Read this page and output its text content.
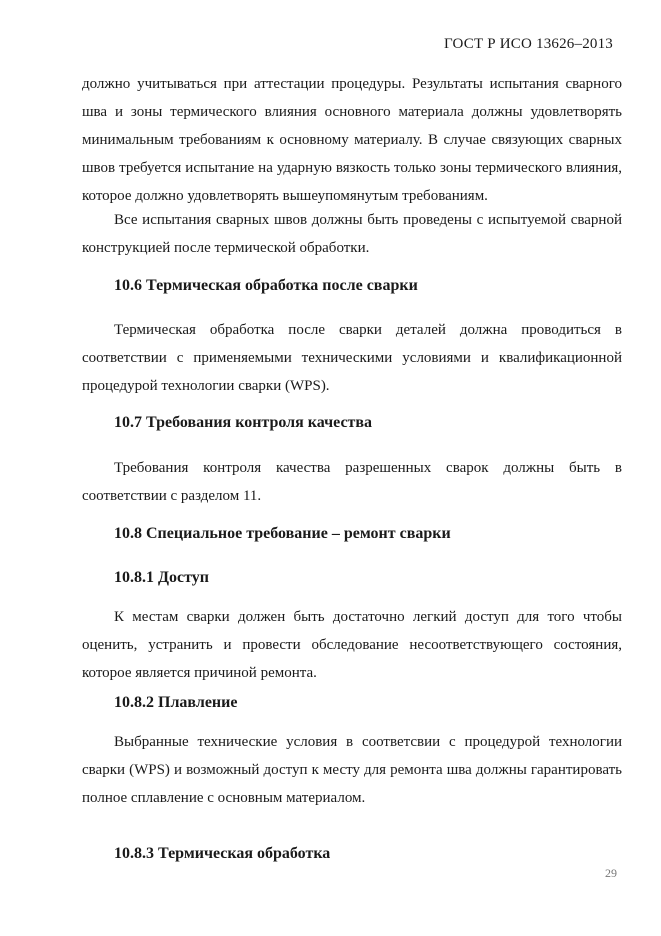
ГОСТ Р ИСО 13626–2013

должно учитываться при аттестации процедуры. Результаты испытания сварного шва и зоны термического влияния основного материала должны удовлетворять минимальным требованиям к основному материалу. В случае связующих сварных швов требуется испытание на ударную вязкость только зоны термического влияния, которое должно удовлетворять вышеупомянутым требованиям.

Все испытания сварных швов должны быть проведены с испытуемой сварной конструкцией после термической обработки.

10.6 Термическая обработка после сварки

Термическая обработка после сварки деталей должна проводиться в соответствии с применяемыми техническими условиями и квалификационной процедурой технологии сварки (WPS).

10.7 Требования контроля качества

Требования контроля качества разрешенных сварок должны быть в соответствии с разделом 11.

10.8 Специальное требование – ремонт сварки
10.8.1 Доступ

К местам сварки должен быть достаточно легкий доступ для того чтобы оценить, устранить и провести обследование несоответствующего состояния, которое является причиной ремонта.

10.8.2 Плавление

Выбранные технические условия в соответсвии с процедурой технологии сварки (WPS) и возможный доступ к месту для ремонта шва должны гарантировать полное сплавление с основным материалом.

10.8.3 Термическая обработка
29
